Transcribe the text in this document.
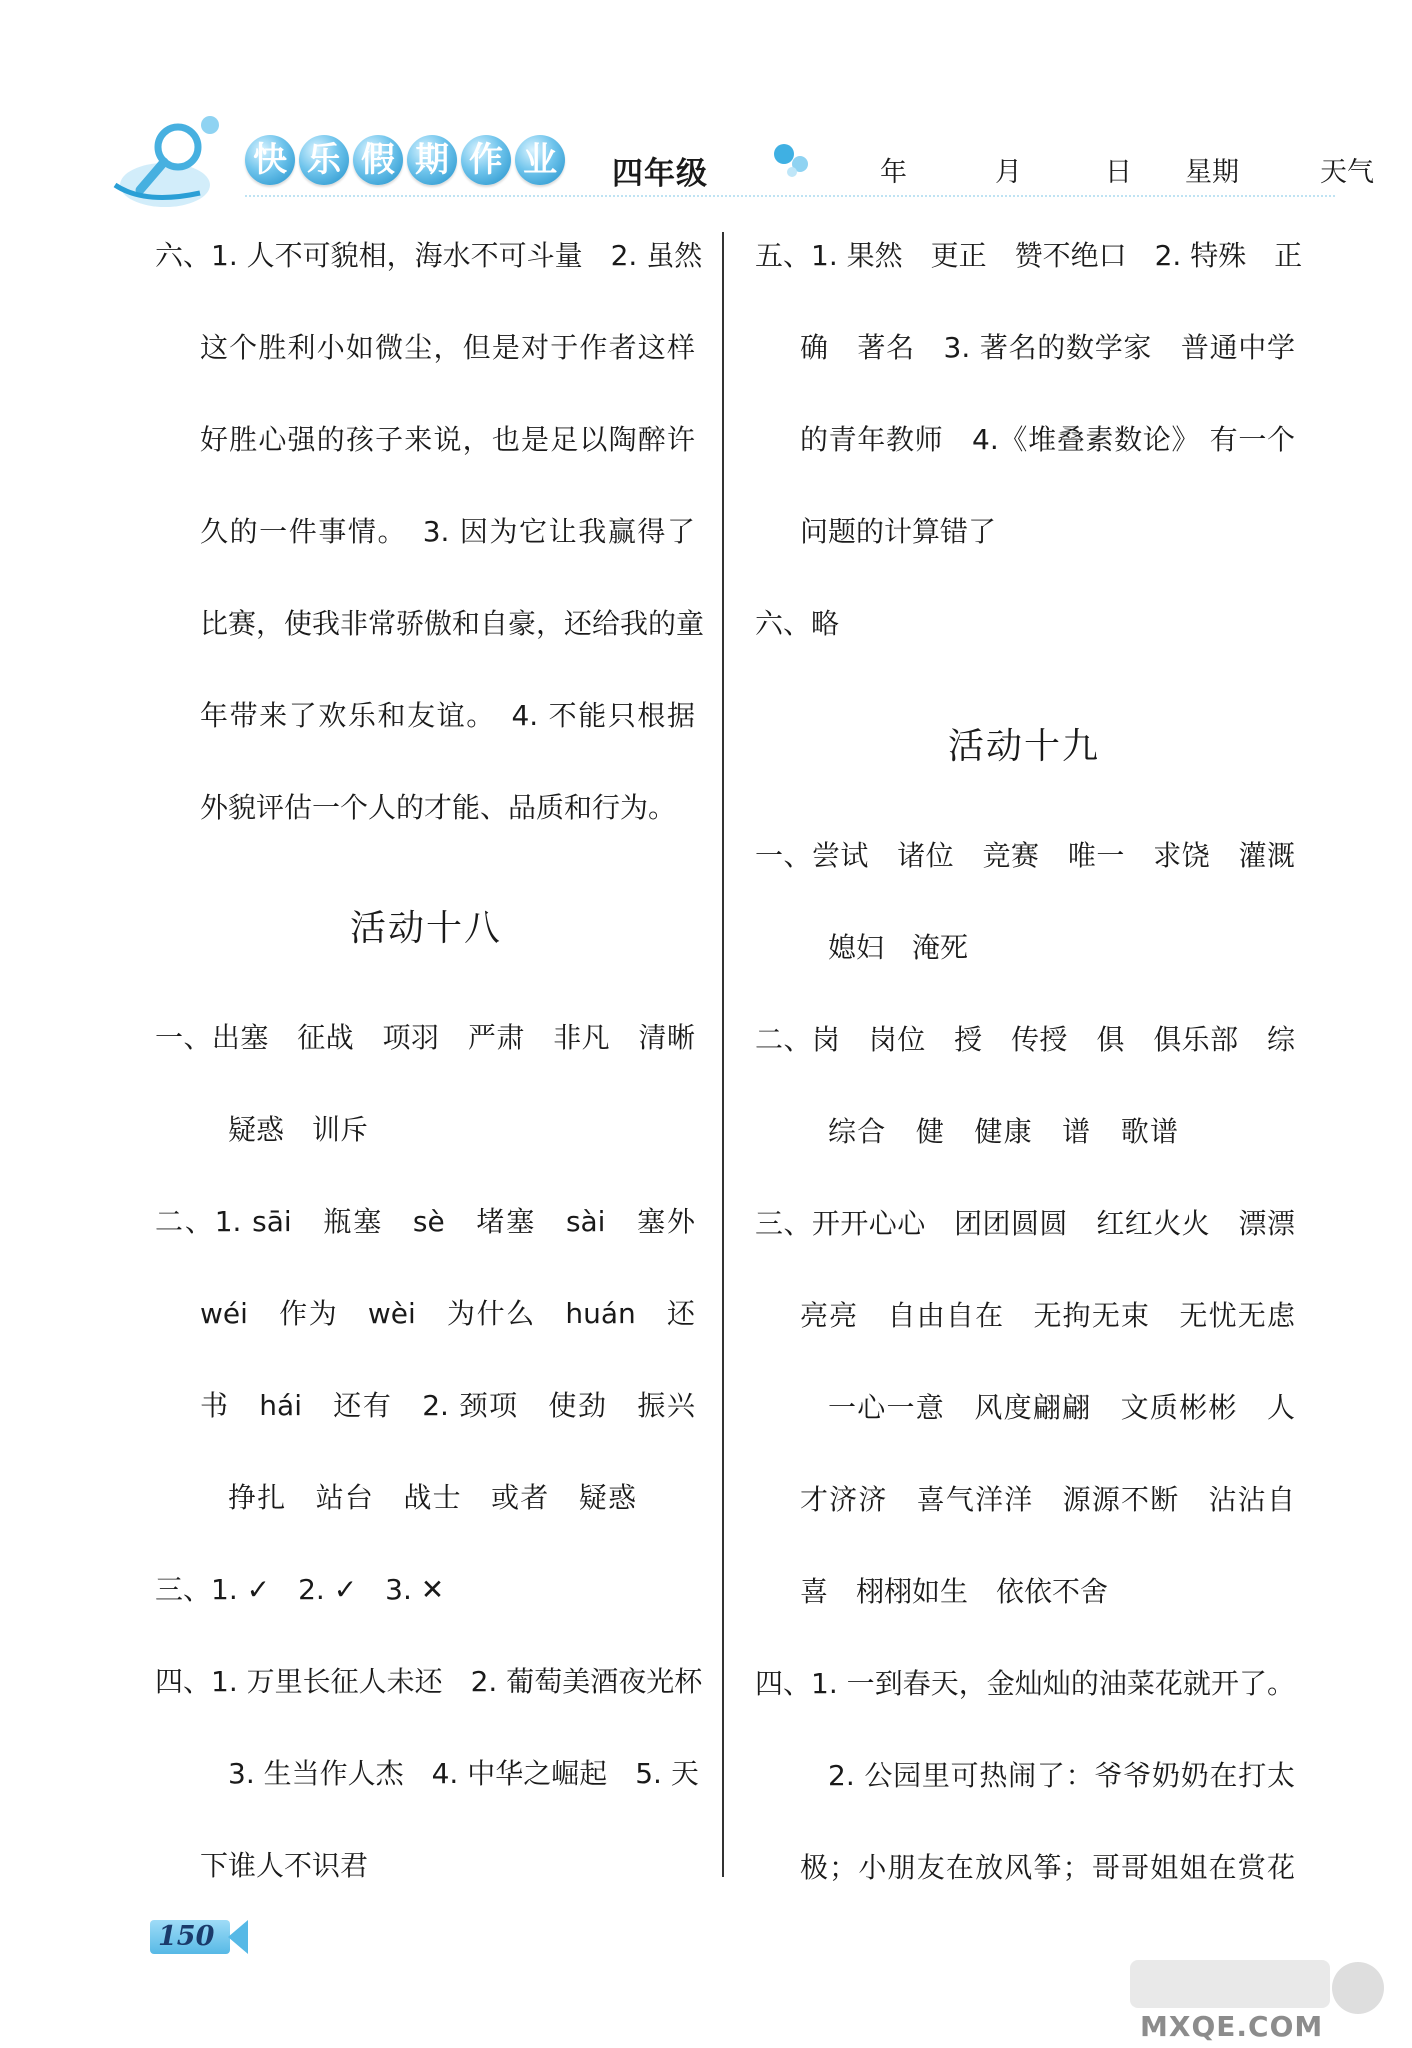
快 乐 假 期 作 业 四年级	年	月	日	星期	天气
六、1. 人不可貌相，海水不可斗量　2. 虽然
这个胜利小如微尘，但是对于作者这样
好胜心强的孩子来说，也是足以陶醉许
久的一件事情。　3. 因为它让我赢得了
比赛，使我非常骄傲和自豪，还给我的童
年带来了欢乐和友谊。　4. 不能只根据
外貌评估一个人的才能、品质和行为。
活动十八
一、出塞　征战　项羽　严肃　非凡　清晰
疑惑　训斥
二、1. sāi　瓶塞　sè　堵塞　sài　塞外
wéi　作为　wèi　为什么　huán　还
书　hái　还有　2. 颈项　使劲　振兴
挣扎　站台　战士　或者　疑惑
三、1. ✓　2. ✓　3. ✕
四、1. 万里长征人未还　2. 葡萄美酒夜光杯
3. 生当作人杰　4. 中华之崛起　5. 天
下谁人不识君
五、1. 果然　更正　赞不绝口　2. 特殊　正
确　著名　3. 著名的数学家　普通中学
的青年教师　4.《堆叠素数论》 有一个
问题的计算错了
六、略
活动十九
一、尝试　诸位　竞赛　唯一　求饶　灌溉
媳妇　淹死
二、岗　岗位　授　传授　俱　俱乐部　综
综合　健　健康　谱　歌谱
三、开开心心　团团圆圆　红红火火　漂漂
亮亮　自由自在　无拘无束　无忧无虑
一心一意　风度翩翩　文质彬彬　人
才济济　喜气洋洋　源源不断　沾沾自
喜　栩栩如生　依依不舍
四、1. 一到春天，金灿灿的油菜花就开了。
2. 公园里可热闹了：爷爷奶奶在打太
极；小朋友在放风筝；哥哥姐姐在赏花
150
MXQE.COM
